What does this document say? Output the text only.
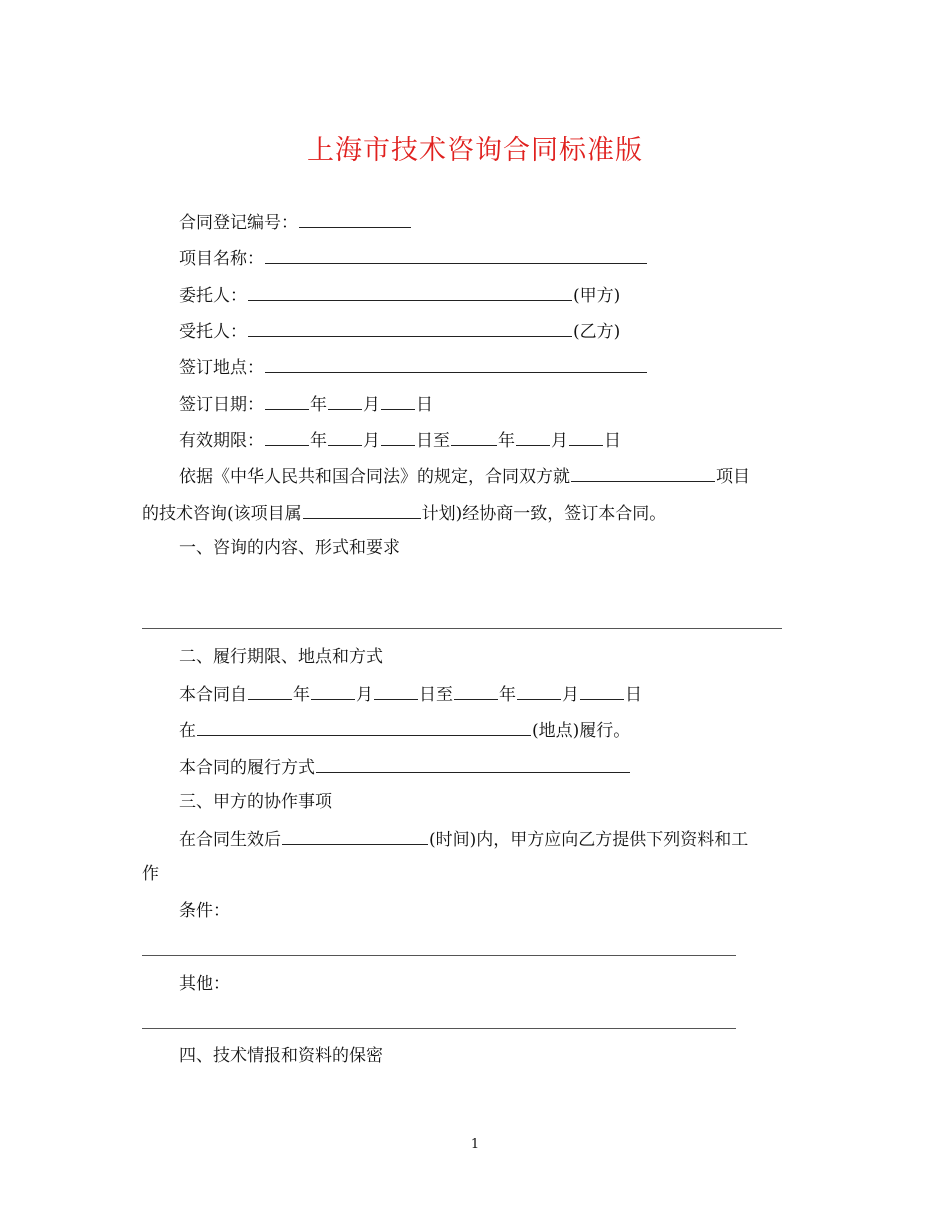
上海市技术咨询合同标准版
合同登记编号：
项目名称：
委托人：	(甲方)
受托人：	(乙方)
签订地点：
签订日期：	年 月 日
有效期限：	年 月 日至	年 月 日
依据《中华人民共和国合同法》的规定，合同双方就	项目
的技术咨询(该项目属	计划)经协商一致，签订本合同。
一、咨询的内容、形式和要求
二、履行期限、地点和方式
本合同自	年	月	日至	年	月	日
在	(地点)履行。
本合同的履行方式
三、甲方的协作事项
在合同生效后	(时间)内，甲方应向乙方提供下列资料和工
作
条件：
其他：
四、技术情报和资料的保密
1
